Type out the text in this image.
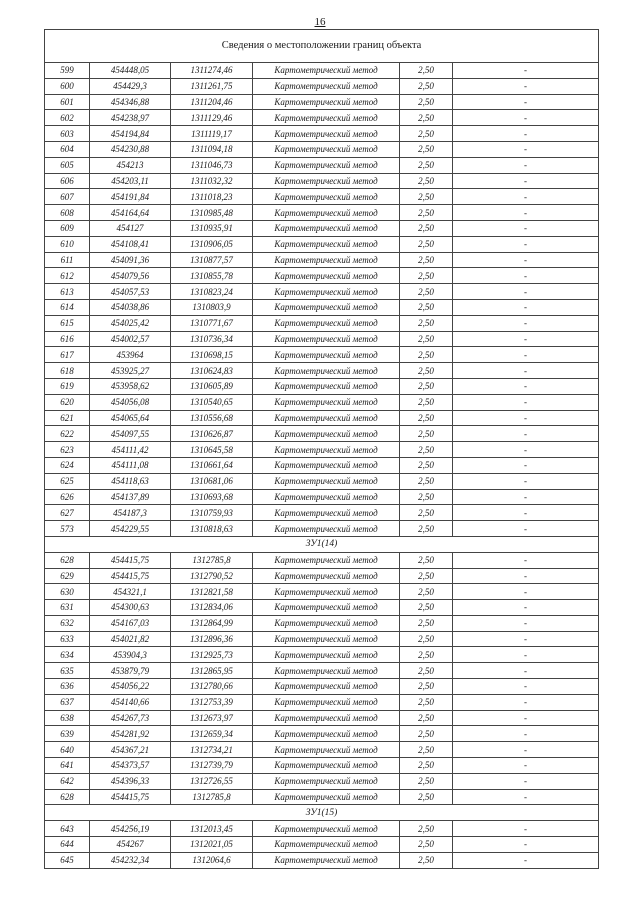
16
Сведения о местоположении границ объекта					
599	454448,05	1311274,46	Картометрический метод	2,50	-
600	454429,3	1311261,75	Картометрический метод	2,50	-
601	454346,88	1311204,46	Картометрический метод	2,50	-
602	454238,97	1311129,46	Картометрический метод	2,50	-
603	454194,84	1311119,17	Картометрический метод	2,50	-
604	454230,88	1311094,18	Картометрический метод	2,50	-
605	454213	1311046,73	Картометрический метод	2,50	-
606	454203,11	1311032,32	Картометрический метод	2,50	-
607	454191,84	1311018,23	Картометрический метод	2,50	-
608	454164,64	1310985,48	Картометрический метод	2,50	-
609	454127	1310935,91	Картометрический метод	2,50	-
610	454108,41	1310906,05	Картометрический метод	2,50	-
611	454091,36	1310877,57	Картометрический метод	2,50	-
612	454079,56	1310855,78	Картометрический метод	2,50	-
613	454057,53	1310823,24	Картометрический метод	2,50	-
614	454038,86	1310803,9	Картометрический метод	2,50	-
615	454025,42	1310771,67	Картометрический метод	2,50	-
616	454002,57	1310736,34	Картометрический метод	2,50	-
617	453964	1310698,15	Картометрический метод	2,50	-
618	453925,27	1310624,83	Картометрический метод	2,50	-
619	453958,62	1310605,89	Картометрический метод	2,50	-
620	454056,08	1310540,65	Картометрический метод	2,50	-
621	454065,64	1310556,68	Картометрический метод	2,50	-
622	454097,55	1310626,87	Картометрический метод	2,50	-
623	454111,42	1310645,58	Картометрический метод	2,50	-
624	454111,08	1310661,64	Картометрический метод	2,50	-
625	454118,63	1310681,06	Картометрический метод	2,50	-
626	454137,89	1310693,68	Картометрический метод	2,50	-
627	454187,3	1310759,93	Картометрический метод	2,50	-
573	454229,55	1310818,63	Картометрический метод	2,50	-
ЗУ1(14)					
628	454415,75	1312785,8	Картометрический метод	2,50	-
629	454415,75	1312790,52	Картометрический метод	2,50	-
630	454321,1	1312821,58	Картометрический метод	2,50	-
631	454300,63	1312834,06	Картометрический метод	2,50	-
632	454167,03	1312864,99	Картометрический метод	2,50	-
633	454021,82	1312896,36	Картометрический метод	2,50	-
634	453904,3	1312925,73	Картометрический метод	2,50	-
635	453879,79	1312865,95	Картометрический метод	2,50	-
636	454056,22	1312780,66	Картометрический метод	2,50	-
637	454140,66	1312753,39	Картометрический метод	2,50	-
638	454267,73	1312673,97	Картометрический метод	2,50	-
639	454281,92	1312659,34	Картометрический метод	2,50	-
640	454367,21	1312734,21	Картометрический метод	2,50	-
641	454373,57	1312739,79	Картометрический метод	2,50	-
642	454396,33	1312726,55	Картометрический метод	2,50	-
628	454415,75	1312785,8	Картометрический метод	2,50	-
ЗУ1(15)					
643	454256,19	1312013,45	Картометрический метод	2,50	-
644	454267	1312021,05	Картометрический метод	2,50	-
645	454232,34	1312064,6	Картометрический метод	2,50	-
